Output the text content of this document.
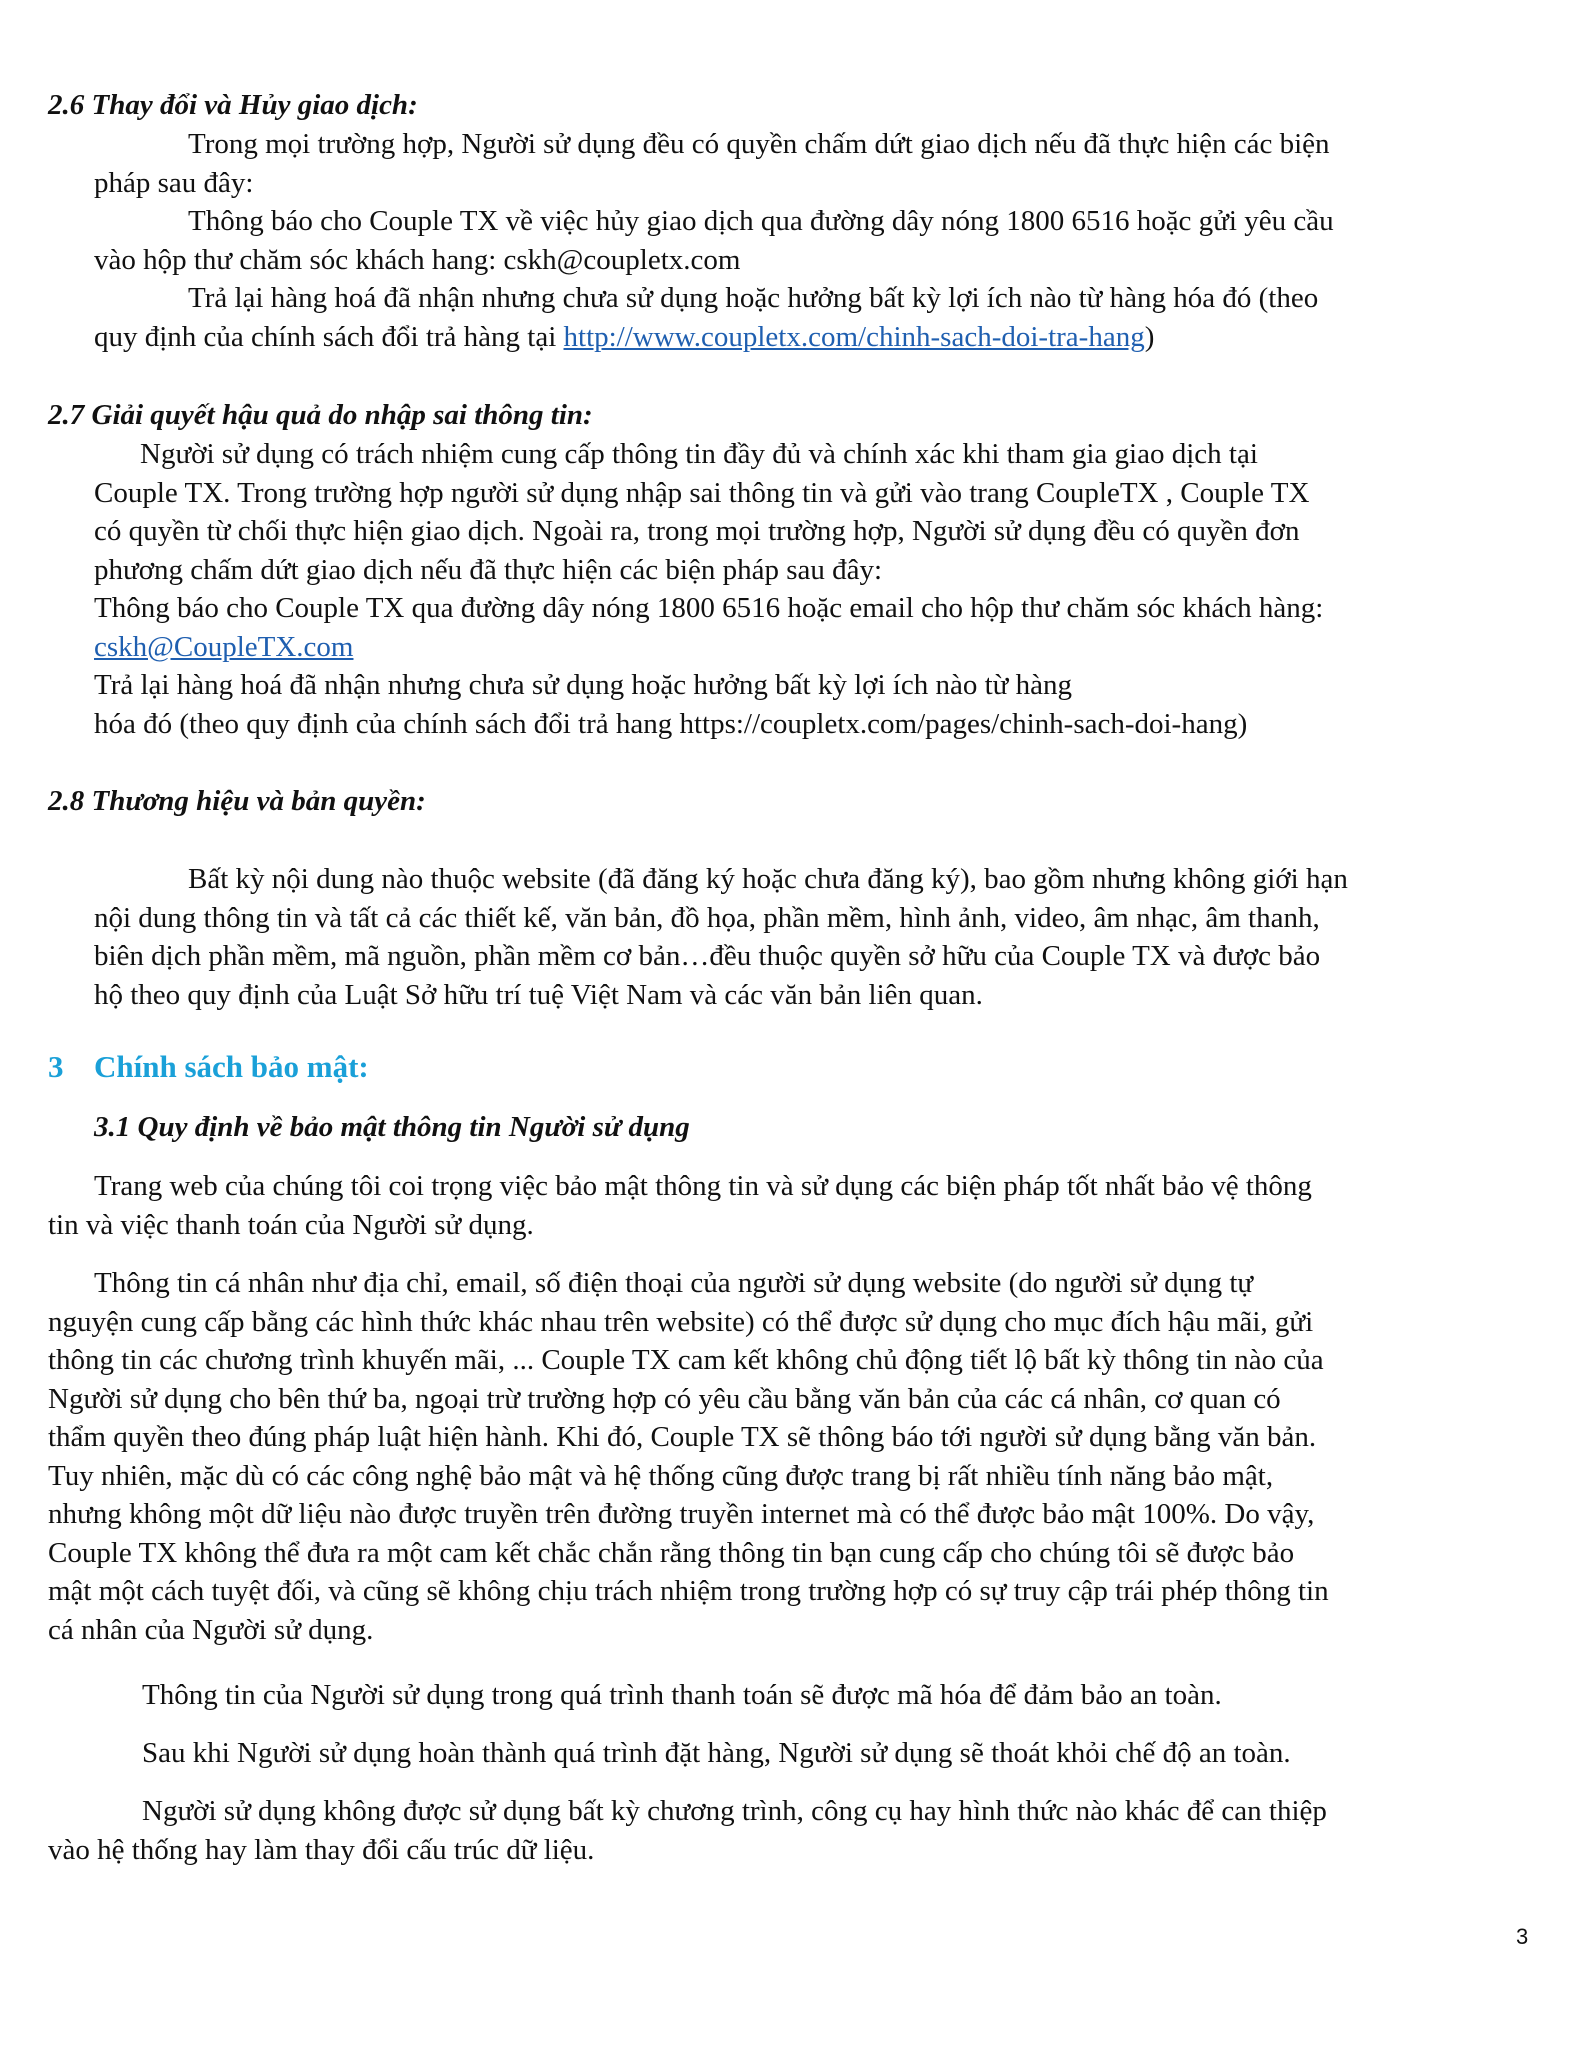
2.6 Thay đổi và Hủy giao dịch:
Trong mọi trường hợp, Người sử dụng đều có quyền chấm dứt giao dịch nếu đã thực hiện các biện
pháp sau đây:
Thông báo cho Couple TX về việc hủy giao dịch qua đường dây nóng 1800 6516 hoặc gửi yêu cầu
vào hộp thư chăm sóc khách hang: cskh@coupletx.com
Trả lại hàng hoá đã nhận nhưng chưa sử dụng hoặc hưởng bất kỳ lợi ích nào từ hàng hóa đó (theo
quy định của chính sách đổi trả hàng tại http://www.coupletx.com/chinh-sach-doi-tra-hang)
2.7 Giải quyết hậu quả do nhập sai thông tin:
Người sử dụng có trách nhiệm cung cấp thông tin đầy đủ và chính xác khi tham gia giao dịch tại
Couple TX. Trong trường hợp người sử dụng nhập sai thông tin và gửi vào trang CoupleTX , Couple TX
có quyền từ chối thực hiện giao dịch. Ngoài ra, trong mọi trường hợp, Người sử dụng đều có quyền đơn
phương chấm dứt giao dịch nếu đã thực hiện các biện pháp sau đây:
Thông báo cho Couple TX qua đường dây nóng 1800 6516 hoặc email cho hộp thư chăm sóc khách hàng:
cskh@CoupleTX.com
Trả lại hàng hoá đã nhận nhưng chưa sử dụng hoặc hưởng bất kỳ lợi ích nào từ hàng
hóa đó (theo quy định của chính sách đổi trả hang https://coupletx.com/pages/chinh-sach-doi-hang)
2.8 Thương hiệu và bản quyền:
Bất kỳ nội dung nào thuộc website (đã đăng ký hoặc chưa đăng ký), bao gồm nhưng không giới hạn
nội dung thông tin và tất cả các thiết kế, văn bản, đồ họa, phần mềm, hình ảnh, video, âm nhạc, âm thanh,
biên dịch phần mềm, mã nguồn, phần mềm cơ bản…đều thuộc quyền sở hữu của Couple TX và được bảo
hộ theo quy định của Luật Sở hữu trí tuệ Việt Nam và các văn bản liên quan.
3 Chính sách bảo mật:
3.1 Quy định về bảo mật thông tin Người sử dụng
Trang web của chúng tôi coi trọng việc bảo mật thông tin và sử dụng các biện pháp tốt nhất bảo vệ thông
tin và việc thanh toán của Người sử dụng.
Thông tin cá nhân như địa chỉ, email, số điện thoại của người sử dụng website (do người sử dụng tự
nguyện cung cấp bằng các hình thức khác nhau trên website) có thể được sử dụng cho mục đích hậu mãi, gửi
thông tin các chương trình khuyến mãi, ... Couple TX cam kết không chủ động tiết lộ bất kỳ thông tin nào của
Người sử dụng cho bên thứ ba, ngoại trừ trường hợp có yêu cầu bằng văn bản của các cá nhân, cơ quan có
thẩm quyền theo đúng pháp luật hiện hành. Khi đó, Couple TX sẽ thông báo tới người sử dụng bằng văn bản.
Tuy nhiên, mặc dù có các công nghệ bảo mật và hệ thống cũng được trang bị rất nhiều tính năng bảo mật,
nhưng không một dữ liệu nào được truyền trên đường truyền internet mà có thể được bảo mật 100%. Do vậy,
Couple TX không thể đưa ra một cam kết chắc chắn rằng thông tin bạn cung cấp cho chúng tôi sẽ được bảo
mật một cách tuyệt đối, và cũng sẽ không chịu trách nhiệm trong trường hợp có sự truy cập trái phép thông tin
cá nhân của Người sử dụng.
Thông tin của Người sử dụng trong quá trình thanh toán sẽ được mã hóa để đảm bảo an toàn.
Sau khi Người sử dụng hoàn thành quá trình đặt hàng, Người sử dụng sẽ thoát khỏi chế độ an toàn.
Người sử dụng không được sử dụng bất kỳ chương trình, công cụ hay hình thức nào khác để can thiệp
vào hệ thống hay làm thay đổi cấu trúc dữ liệu.
3
